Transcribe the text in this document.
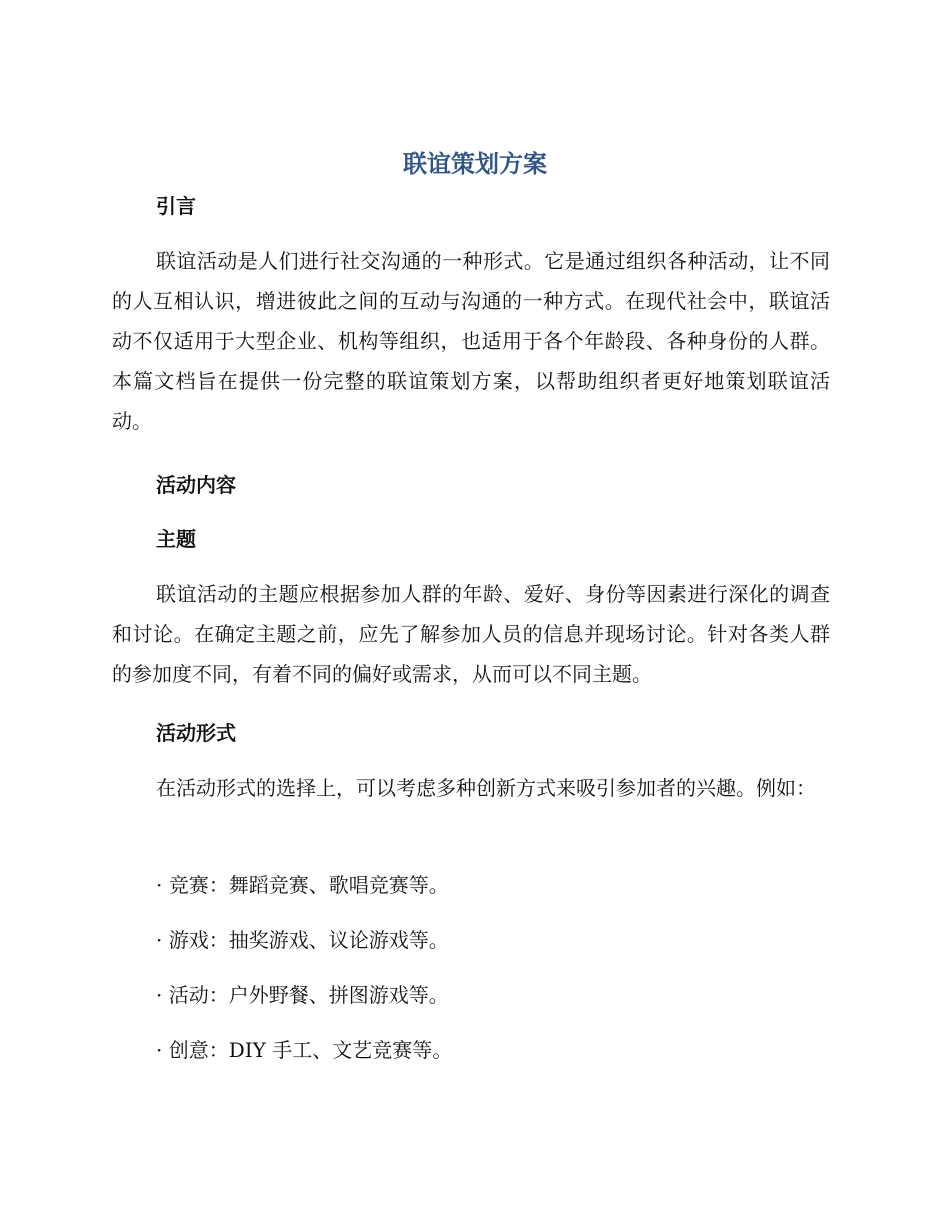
联谊策划方案
引言
联谊活动是人们进行社交沟通的一种形式。它是通过组织各种活动，让不同的人互相认识，增进彼此之间的互动与沟通的一种方式。在现代社会中，联谊活动不仅适用于大型企业、机构等组织，也适用于各个年龄段、各种身份的人群。本篇文档旨在提供一份完整的联谊策划方案，以帮助组织者更好地策划联谊活动。
活动内容
主题
联谊活动的主题应根据参加人群的年龄、爱好、身份等因素进行深化的调查和讨论。在确定主题之前，应先了解参加人员的信息并现场讨论。针对各类人群的参加度不同，有着不同的偏好或需求，从而可以不同主题。
活动形式
在活动形式的选择上，可以考虑多种创新方式来吸引参加者的兴趣。例如：
· 竞赛：舞蹈竞赛、歌唱竞赛等。
· 游戏：抽奖游戏、议论游戏等。
· 活动：户外野餐、拼图游戏等。
· 创意：DIY 手工、文艺竞赛等。
